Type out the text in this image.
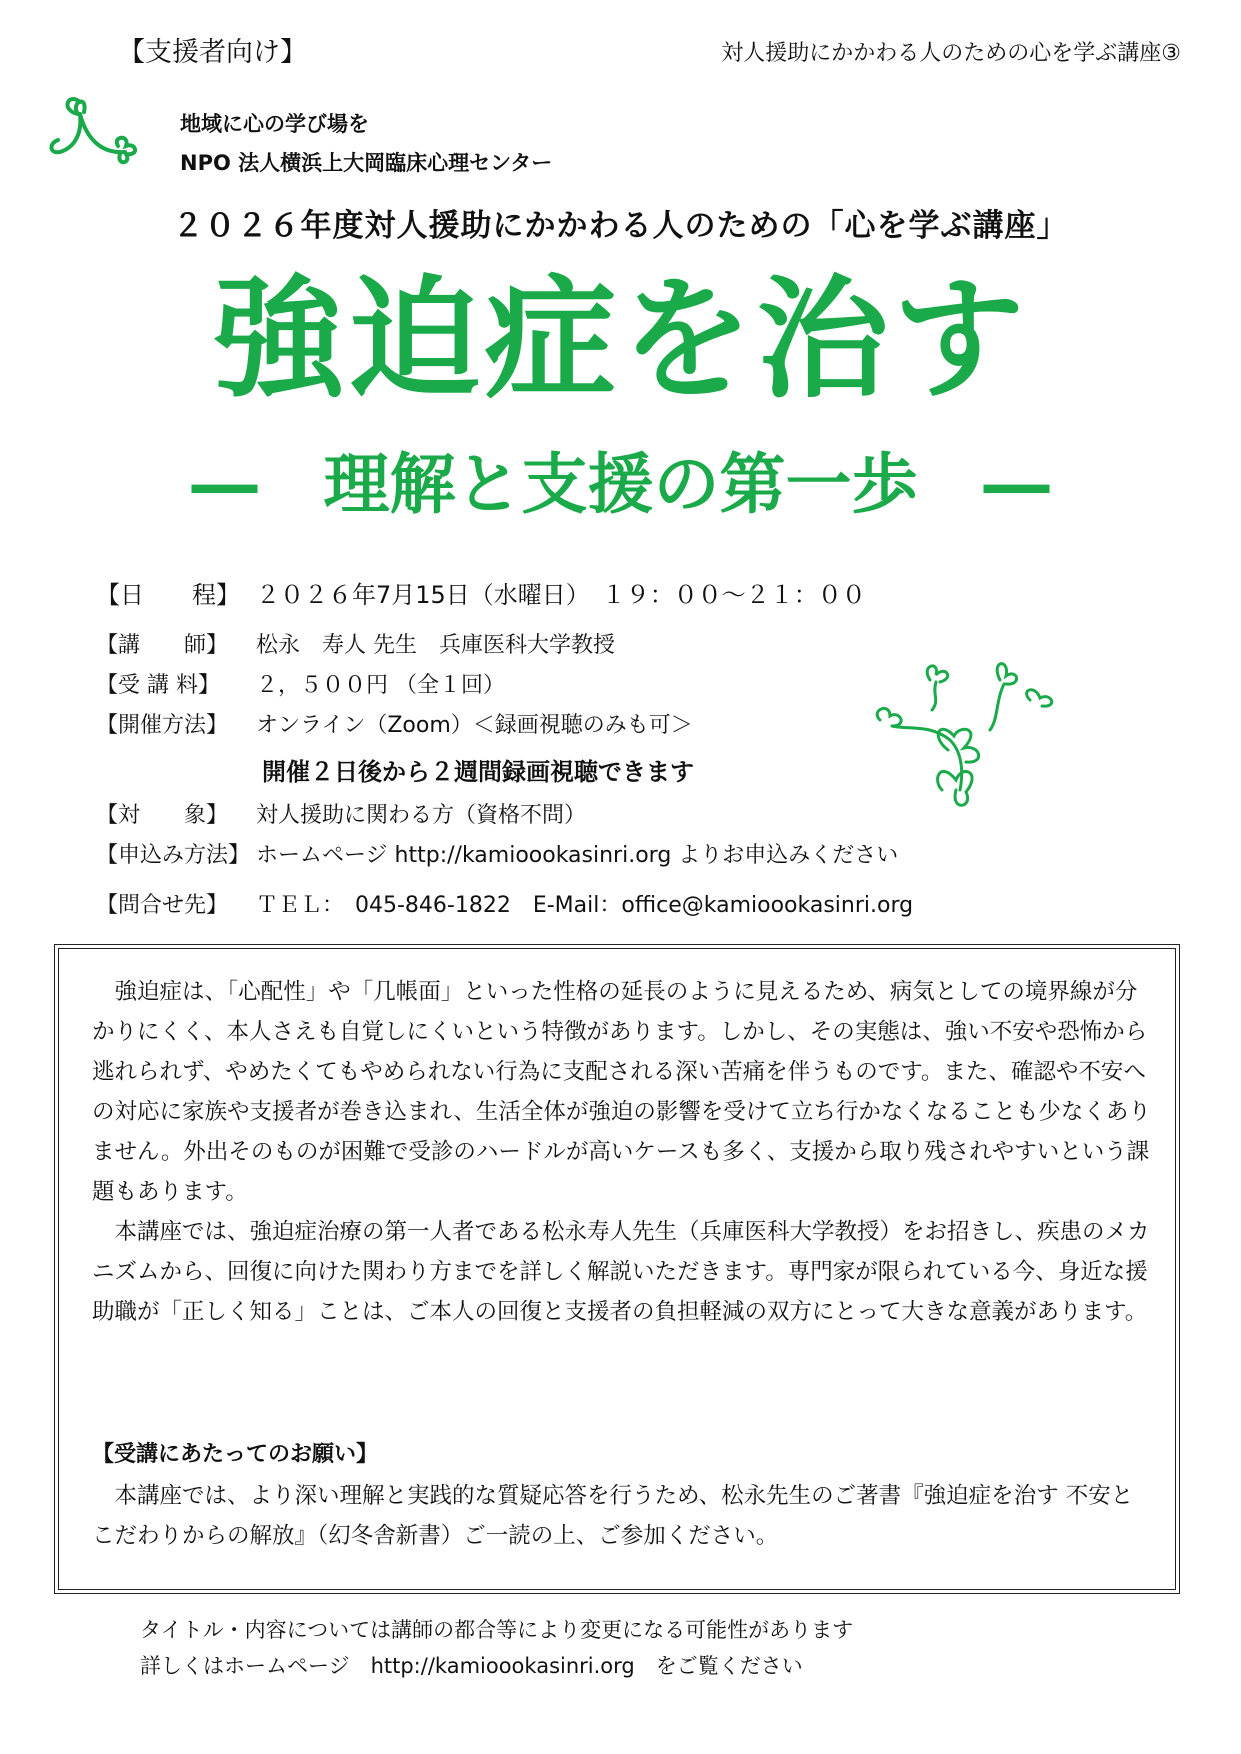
【支援者向け】	対人援助にかかわる人のための心を学ぶ講座③
地域に心の学び場を
NPO 法人横浜上大岡臨床心理センター
２０２６年度対人援助にかかわる人のための「心を学ぶ講座」
強迫症を治す
―　理解と支援の第一歩　―
【日　　程】 ２０２６年7月15日（水曜日）　１９：００～２１：００
【講　　師】 松永　寿人 先生　兵庫医科大学教授
【受 講 料】 ２，５００円 （全１回）
【開催方法】 オンライン（Zoom）＜録画視聴のみも可＞
開催２日後から２週間録画視聴できます
【対　　象】 対人援助に関わる方（資格不問）
【申込み方法】 ホームページ http://kamioookasinri.org よりお申込みください
【問合せ先】 ＴＥＬ：　045-846-1822　E-Mail：office@kamioookasinri.org

強迫症は、「心配性」や「几帳面」といった性格の延長のように見えるため、病気としての境界線が分かりにくく、本人さえも自覚しにくいという特徴があります。しかし、その実態は、強い不安や恐怖から逃れられず、やめたくてもやめられない行為に支配される深い苦痛を伴うものです。また、確認や不安への対応に家族や支援者が巻き込まれ、生活全体が強迫の影響を受けて立ち行かなくなることも少なくありません。外出そのものが困難で受診のハードルが高いケースも多く、支援から取り残されやすいという課題もあります。

本講座では、強迫症治療の第一人者である松永寿人先生（兵庫医科大学教授）をお招きし、疾患のメカニズムから、回復に向けた関わり方までを詳しく解説いただきます。専門家が限られている今、身近な援助職が「正しく知る」ことは、ご本人の回復と支援者の負担軽減の双方にとって大きな意義があります。

【受講にあたってのお願い】

本講座では、より深い理解と実践的な質疑応答を行うため、松永先生のご著書『強迫症を治す 不安とこだわりからの解放』（幻冬舎新書）ご一読の上、ご参加ください。

タイトル・内容については講師の都合等により変更になる可能性があります
詳しくはホームページ　http://kamioookasinri.org　をご覧ください
